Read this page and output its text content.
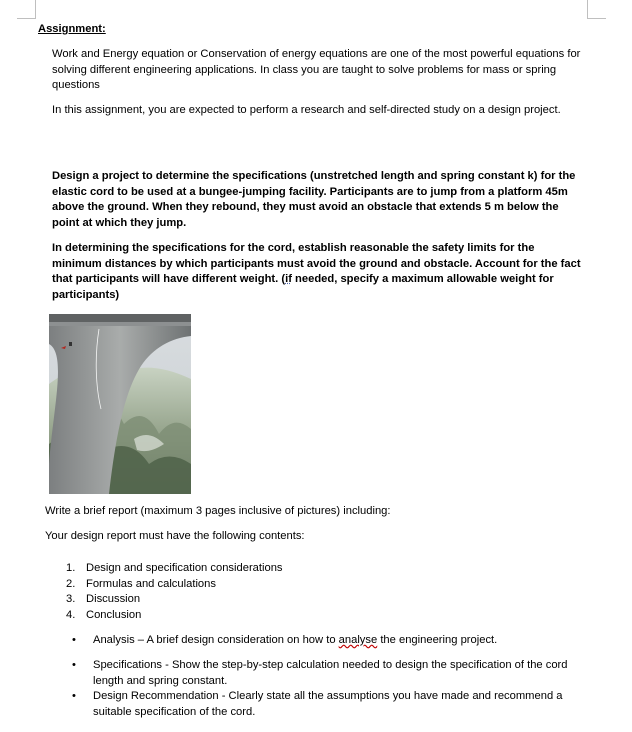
Assignment:
Work and Energy equation or Conservation of energy equations are one of the most powerful equations for solving different engineering applications. In class you are taught to solve problems for mass or spring questions
In this assignment, you are expected to perform a research and self-directed study on a design project.
Design a project to determine the specifications (unstretched length and spring constant k) for the elastic cord to be used at a bungee-jumping facility. Participants are to jump from a platform 45m above the ground. When they rebound, they must avoid an obstacle that extends 5 m below the point at which they jump.
In determining the specifications for the cord, establish reasonable the safety limits for the minimum distances by which participants must avoid the ground and obstacle. Account for the fact that participants will have different weight. (if needed, specify a maximum allowable weight for participants)
Write a brief report (maximum 3 pages inclusive of pictures) including:
Your design report must have the following contents:
1. Design and specification considerations
2. Formulas and calculations
3. Discussion
4. Conclusion
• Analysis – A brief design consideration on how to analyse the engineering project.
• Specifications - Show the step-by-step calculation needed to design the specification of the cord length and spring constant.
• Design Recommendation - Clearly state all the assumptions you have made and recommend a suitable specification of the cord.
